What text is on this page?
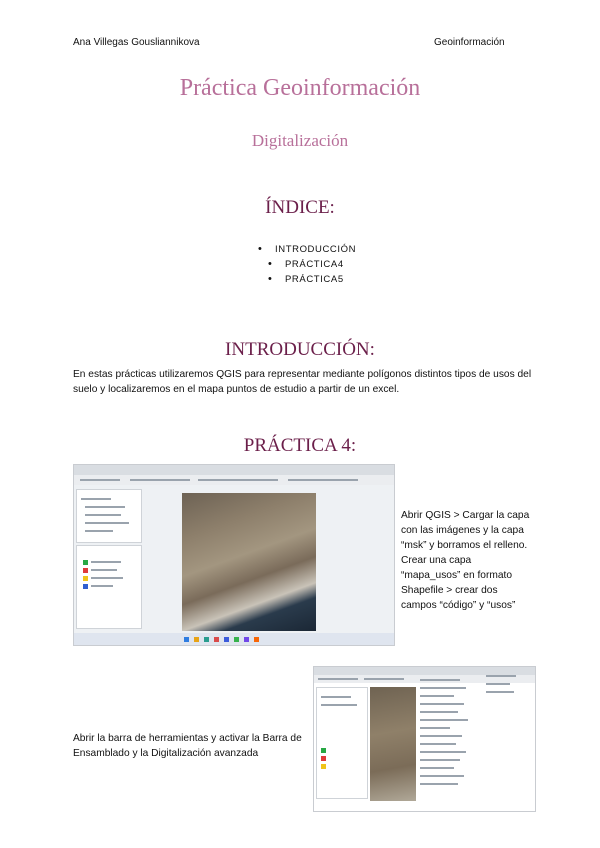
Ana Villegas Gousliannikova	Geoinformación
Práctica Geoinformación
Digitalización
ÍNDICE:
• INTRODUCCIÓN
• PRÁCTICA4
• PRÁCTICA5
INTRODUCCIÓN:
En estas prácticas utilizaremos QGIS para representar mediante polígonos distintos tipos de usos del suelo y localizaremos en el mapa puntos de estudio a partir de un excel.
PRÁCTICA 4:
Abrir QGIS > Cargar la capa con las imágenes y la capa “msk” y borramos el relleno. Crear una capa “mapa_usos” en formato Shapefile > crear dos campos “código” y “usos”
Abrir la barra de herramientas y activar la Barra de Ensamblado y la Digitalización avanzada
